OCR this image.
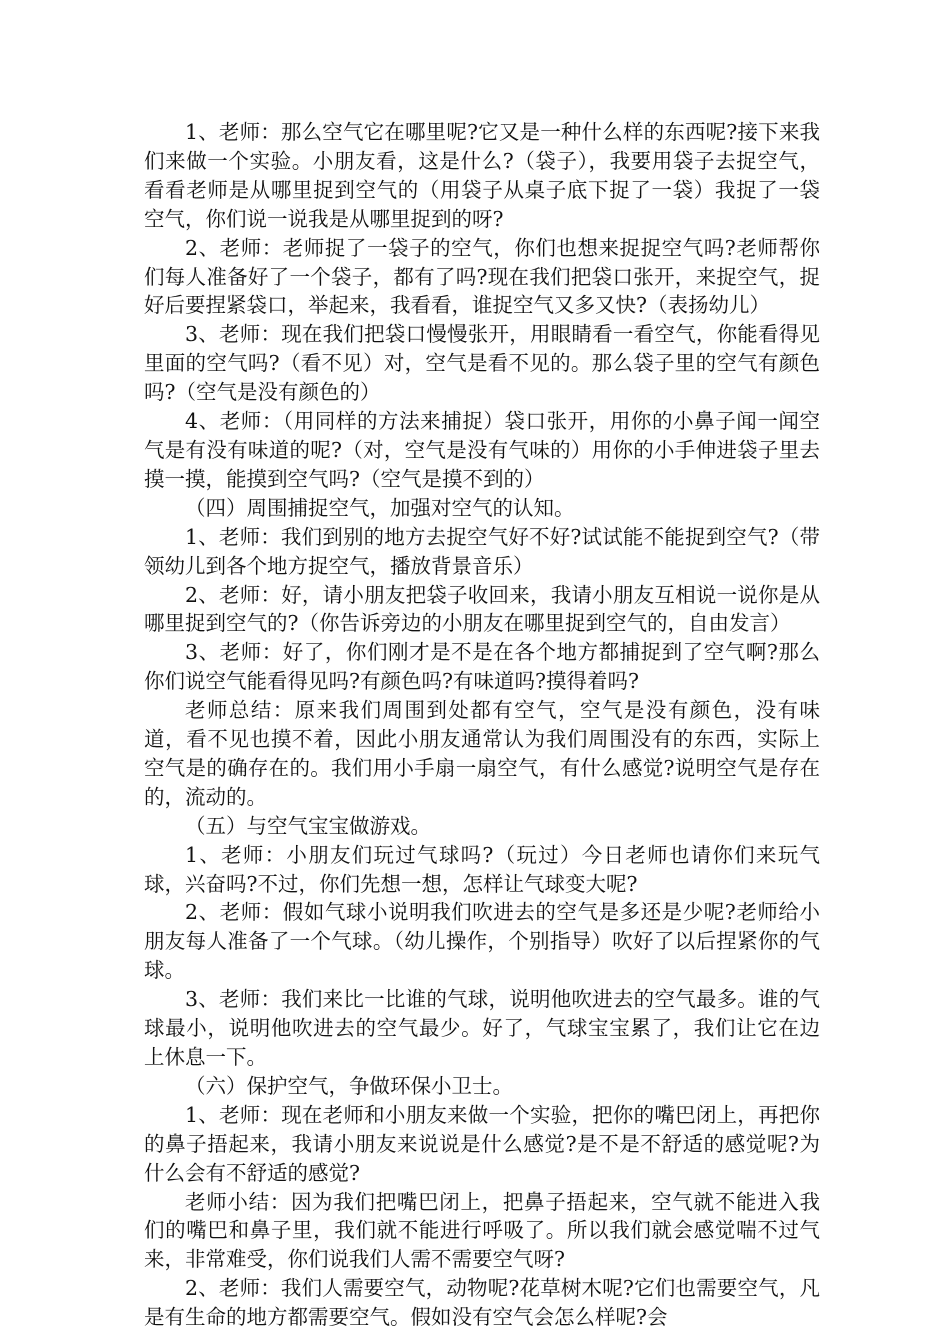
1、老师：那么空气它在哪里呢?它又是一种什么样的东西呢?接下来我们来做一个实验。小朋友看，这是什么?（袋子），我要用袋子去捉空气，看看老师是从哪里捉到空气的（用袋子从桌子底下捉了一袋）我捉了一袋空气，你们说一说我是从哪里捉到的呀?

2、老师：老师捉了一袋子的空气，你们也想来捉捉空气吗?老师帮你们每人准备好了一个袋子，都有了吗?现在我们把袋口张开，来捉空气，捉好后要捏紧袋口，举起来，我看看，谁捉空气又多又快?（表扬幼儿）

3、老师：现在我们把袋口慢慢张开，用眼睛看一看空气，你能看得见里面的空气吗?（看不见）对，空气是看不见的。那么袋子里的空气有颜色吗?（空气是没有颜色的）

4、老师：（用同样的方法来捕捉）袋口张开，用你的小鼻子闻一闻空气是有没有味道的呢?（对，空气是没有气味的）用你的小手伸进袋子里去摸一摸，能摸到空气吗?（空气是摸不到的）

（四）周围捕捉空气，加强对空气的认知。

1、老师：我们到别的地方去捉空气好不好?试试能不能捉到空气?（带领幼儿到各个地方捉空气，播放背景音乐）

2、老师：好，请小朋友把袋子收回来，我请小朋友互相说一说你是从哪里捉到空气的?（你告诉旁边的小朋友在哪里捉到空气的，自由发言）

3、老师：好了，你们刚才是不是在各个地方都捕捉到了空气啊?那么你们说空气能看得见吗?有颜色吗?有味道吗?摸得着吗?

老师总结：原来我们周围到处都有空气，空气是没有颜色，没有味道，看不见也摸不着，因此小朋友通常认为我们周围没有的东西，实际上空气是的确存在的。我们用小手扇一扇空气，有什么感觉?说明空气是存在的，流动的。

（五）与空气宝宝做游戏。

1、老师：小朋友们玩过气球吗?（玩过）今日老师也请你们来玩气球，兴奋吗?不过，你们先想一想，怎样让气球变大呢?

2、老师：假如气球小说明我们吹进去的空气是多还是少呢?老师给小朋友每人准备了一个气球。（幼儿操作，个别指导）吹好了以后捏紧你的气球。

3、老师：我们来比一比谁的气球，说明他吹进去的空气最多。谁的气球最小，说明他吹进去的空气最少。好了，气球宝宝累了，我们让它在边上休息一下。

（六）保护空气，争做环保小卫士。

1、老师：现在老师和小朋友来做一个实验，把你的嘴巴闭上，再把你的鼻子捂起来，我请小朋友来说说是什么感觉?是不是不舒适的感觉呢?为什么会有不舒适的感觉?

老师小结：因为我们把嘴巴闭上，把鼻子捂起来，空气就不能进入我们的嘴巴和鼻子里，我们就不能进行呼吸了。所以我们就会感觉喘不过气来，非常难受，你们说我们人需不需要空气呀?

2、老师：我们人需要空气，动物呢?花草树木呢?它们也需要空气，凡是有生命的地方都需要空气。假如没有空气会怎么样呢?会
